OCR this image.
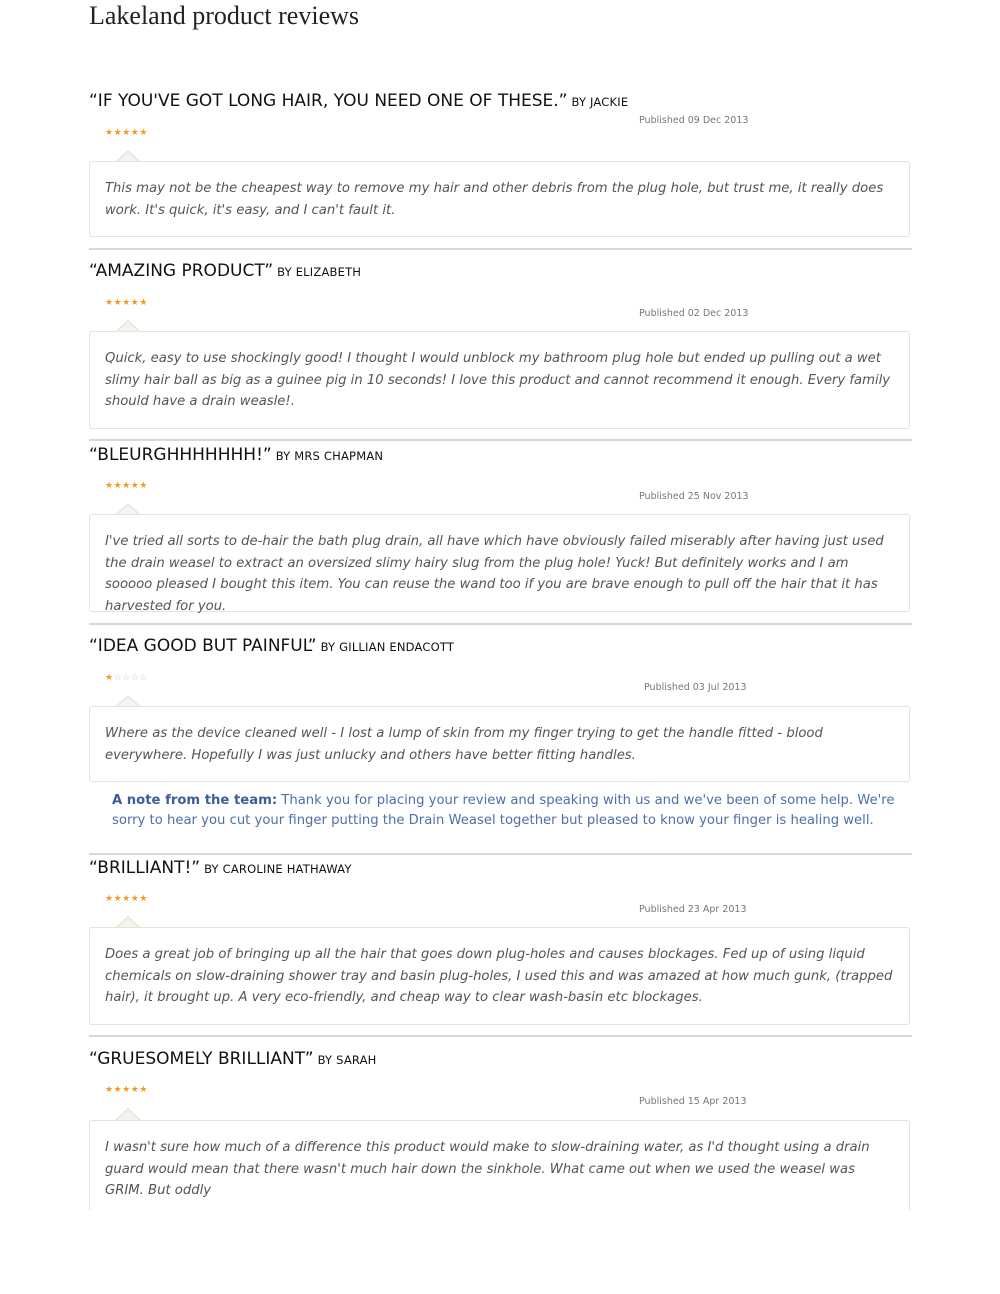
Lakeland product reviews
“IF YOU'VE GOT LONG HAIR, YOU NEED ONE OF THESE.” BY JACKIE
★★★★★
Published 09 Dec 2013
This may not be the cheapest way to remove my hair and other debris from the plug hole, but trust me, it really does work. It's quick, it's easy, and I can't fault it.
“AMAZING PRODUCT” BY ELIZABETH
★★★★★
Published 02 Dec 2013
Quick, easy to use shockingly good! I thought I would unblock my bathroom plug hole but ended up pulling out a wet slimy hair ball as big as a guinee pig in 10 seconds! I love this product and cannot recommend it enough. Every family should have a drain weasle!.
“BLEURGHHHHHHH!” BY MRS CHAPMAN
★★★★★
Published 25 Nov 2013
I've tried all sorts to de-hair the bath plug drain, all have which have obviously failed miserably after having just used the drain weasel to extract an oversized slimy hairy slug from the plug hole! Yuck! But definitely works and I am sooooo pleased I bought this item. You can reuse the wand too if you are brave enough to pull off the hair that it has harvested for you.
“IDEA GOOD BUT PAINFUL” BY GILLIAN ENDACOTT
★☆☆☆☆
Published 03 Jul 2013
Where as the device cleaned well - I lost a lump of skin from my finger trying to get the handle fitted - blood everywhere. Hopefully I was just unlucky and others have better fitting handles.
A note from the team: Thank you for placing your review and speaking with us and we've been of some help. We're sorry to hear you cut your finger putting the Drain Weasel together but pleased to know your finger is healing well.
“BRILLIANT!” BY CAROLINE HATHAWAY
★★★★★
Published 23 Apr 2013
Does a great job of bringing up all the hair that goes down plug-holes and causes blockages. Fed up of using liquid chemicals on slow-draining shower tray and basin plug-holes, I used this and was amazed at how much gunk, (trapped hair), it brought up. A very eco-friendly, and cheap way to clear wash-basin etc blockages.
“GRUESOMELY BRILLIANT” BY SARAH
★★★★★
Published 15 Apr 2013
I wasn't sure how much of a difference this product would make to slow-draining water, as I'd thought using a drain guard would mean that there wasn't much hair down the sinkhole. What came out when we used the weasel was GRIM. But oddly
